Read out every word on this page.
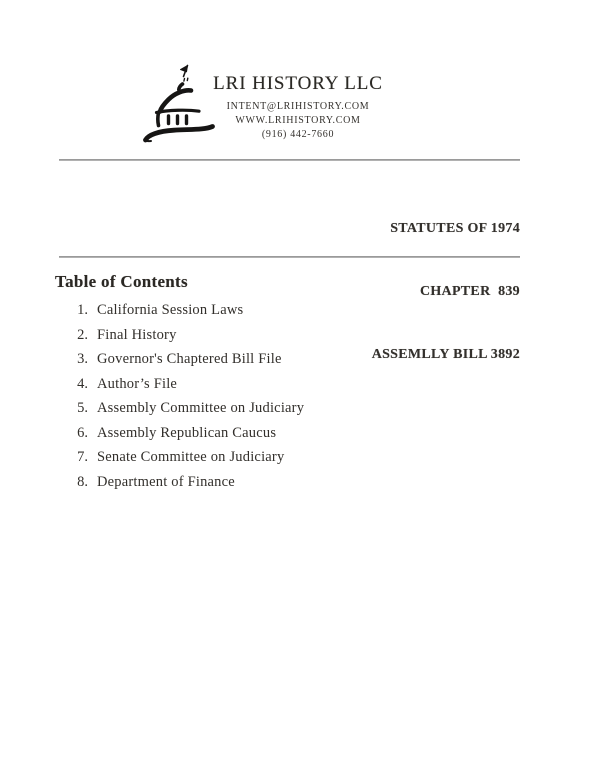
LRI HISTORY LLC
INTENT@LRIHISTORY.COM
WWW.LRIHISTORY.COM
(916) 442-7660

STATUTES OF 1974

CHAPTER  839

ASSEMLLY BILL 3892

Table of Contents
1. California Session Laws
2. Final History
3. Governor's Chaptered Bill File
4. Author’s File
5. Assembly Committee on Judiciary
6. Assembly Republican Caucus
7. Senate Committee on Judiciary
8. Department of Finance
